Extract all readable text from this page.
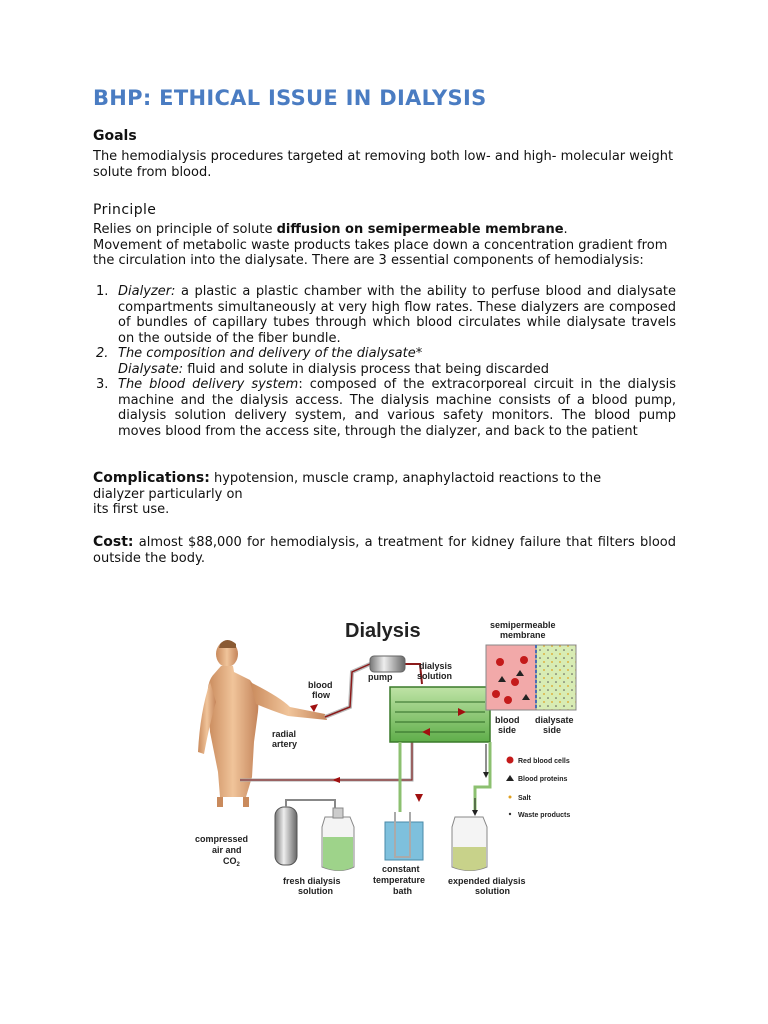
BHP: ETHICAL ISSUE IN DIALYSIS
Goals
The hemodialysis procedures targeted at removing both low- and high- molecular weight solute from blood.
Principle
Relies on principle of solute diffusion on semipermeable membrane.
Movement of metabolic waste products takes place down a concentration gradient from the circulation into the dialysate. There are 3 essential components of hemodialysis:
1. Dialyzer: a plastic a plastic chamber with the ability to perfuse blood and dialysate compartments simultaneously at very high flow rates. These dialyzers are composed of bundles of capillary tubes through which blood circulates while dialysate travels on the outside of the fiber bundle.
2. The composition and delivery of the dialysate*
Dialysate: fluid and solute in dialysis process that being discarded
3. The blood delivery system: composed of the extracorporeal circuit in the dialysis machine and the dialysis access. The dialysis machine consists of a blood pump, dialysis solution delivery system, and various safety monitors. The blood pump moves blood from the access site, through the dialyzer, and back to the patient
Complications: hypotension, muscle cramp, anaphylactoid reactions to the
dialyzer particularly on
its first use.
Cost: almost $88,000 for hemodialysis, a treatment for kidney failure that filters blood outside the body.
Dialysis	semipermeable
membrane
dialysis
solution
pump
blood
flow
radial
artery
blood
side
dialysate
side
compressed
air and
$CO_2$
fresh dialysis
solution
constant
temperature
bath
expended dialysis
solution
Red blood cells
Blood proteins
Salt
Waste products
